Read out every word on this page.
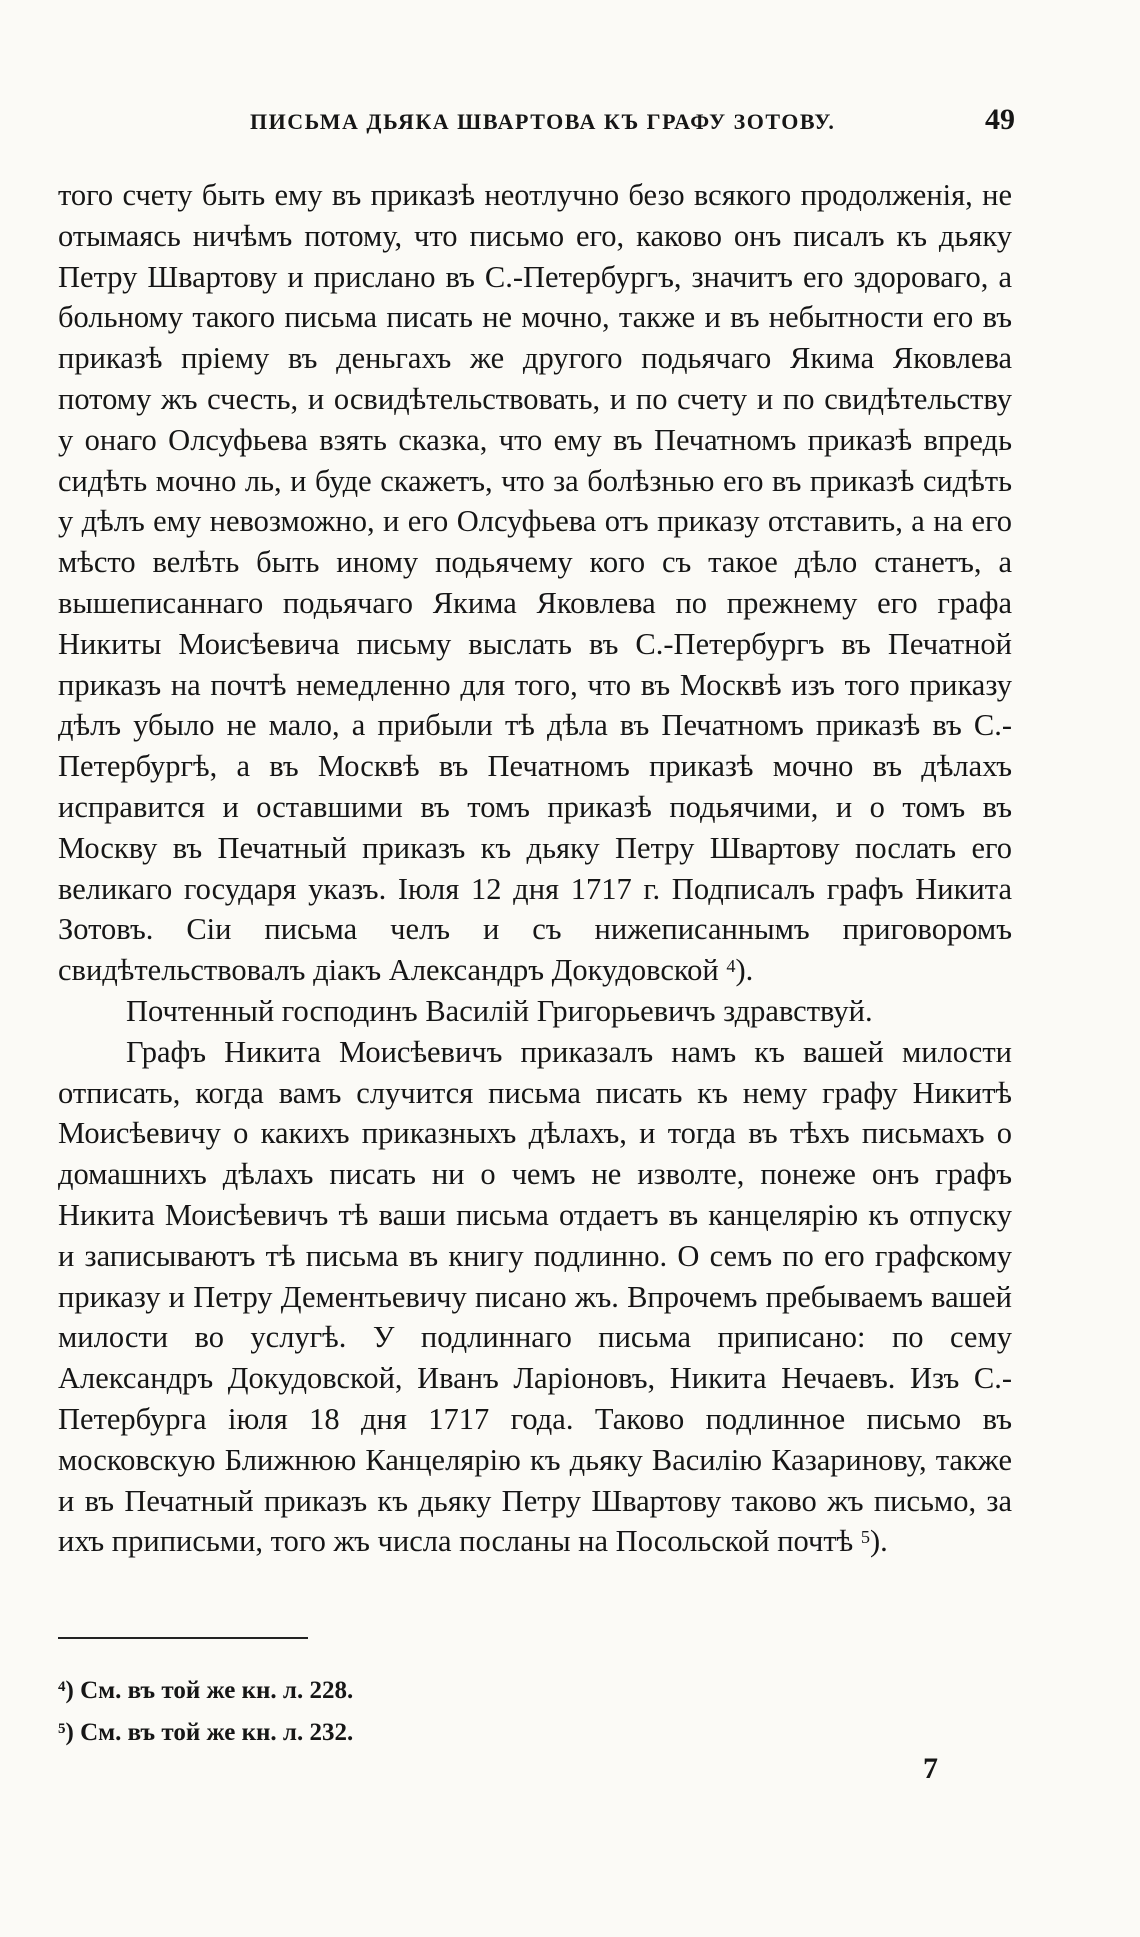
ПИСЬМА ДЬЯКА ШВАРТОВА КЪ ГРАФУ ЗОТОВУ.	49

того счету быть ему въ приказѣ неотлучно безо всякого продолженія, не отымаясь ничѣмъ потому, что письмо его, каково онъ писалъ къ дьяку Петру Швартову и прислано въ С.-Петербургъ, значитъ его здороваго, а больному такого письма писать не мочно, также и въ небытности его въ приказѣ пріему въ деньгахъ же другого подьячаго Якима Яковлева потому жъ счесть, и освидѣтельствовать, и по счету и по свидѣтельству у онаго Олсуфьева взять сказка, что ему въ Печатномъ приказѣ впредь сидѣть мочно ль, и буде скажетъ, что за болѣзнью его въ приказѣ сидѣть у дѣлъ ему невозможно, и его Олсуфьева отъ приказу отставить, а на его мѣсто велѣть быть иному подьячему кого съ такое дѣло станетъ, а вышеписаннаго подьячаго Якима Яковлева по прежнему его графа Никиты Моисѣевича письму выслать въ С.-Петербургъ въ Печатной приказъ на почтѣ немедленно для того, что въ Москвѣ изъ того приказу дѣлъ убыло не мало, а прибыли тѣ дѣла въ Печатномъ приказѣ въ С.-Петербургѣ, а въ Москвѣ въ Печатномъ приказѣ мочно въ дѣлахъ исправится и оставшими въ томъ приказѣ подьячими, и о томъ въ Москву въ Печатный приказъ къ дьяку Петру Швартову послать его великаго государя указъ. Іюля 12 дня 1717 г. Подписалъ графъ Никита Зотовъ. Сіи письма челъ и съ нижеписаннымъ приговоромъ свидѣтельствовалъ діакъ Александръ Докудовской $^4$).

Почтенный господинъ Василій Григорьевичъ здравствуй.

Графъ Никита Моисѣевичъ приказалъ намъ къ вашей милости отписать, когда вамъ случится письма писать къ нему графу Никитѣ Моисѣевичу о какихъ приказныхъ дѣлахъ, и тогда въ тѣхъ письмахъ о домашнихъ дѣлахъ писать ни о чемъ не изволте, понеже онъ графъ Никита Моисѣевичъ тѣ ваши письма отдаетъ въ канцелярію къ отпуску и записываютъ тѣ письма въ книгу подлинно. О семъ по его графскому приказу и Петру Дементьевичу писано жъ. Впрочемъ пребываемъ вашей милости во услугѣ. У подлиннаго письма приписано: по сему Александръ Докудовской, Иванъ Ларіоновъ, Никита Нечаевъ. Изъ С.-Петербурга іюля 18 дня 1717 года. Таково подлинное письмо въ московскую Ближнюю Канцелярію къ дьяку Василію Казаринову, также и въ Печатный приказъ къ дьяку Петру Швартову таково жъ письмо, за ихъ приписьми, того жъ числа посланы на Посольской почтѣ $^5$).

$^4$) См. въ той же кн. л. 228.
$^5$) См. въ той же кн. л. 232.
7
